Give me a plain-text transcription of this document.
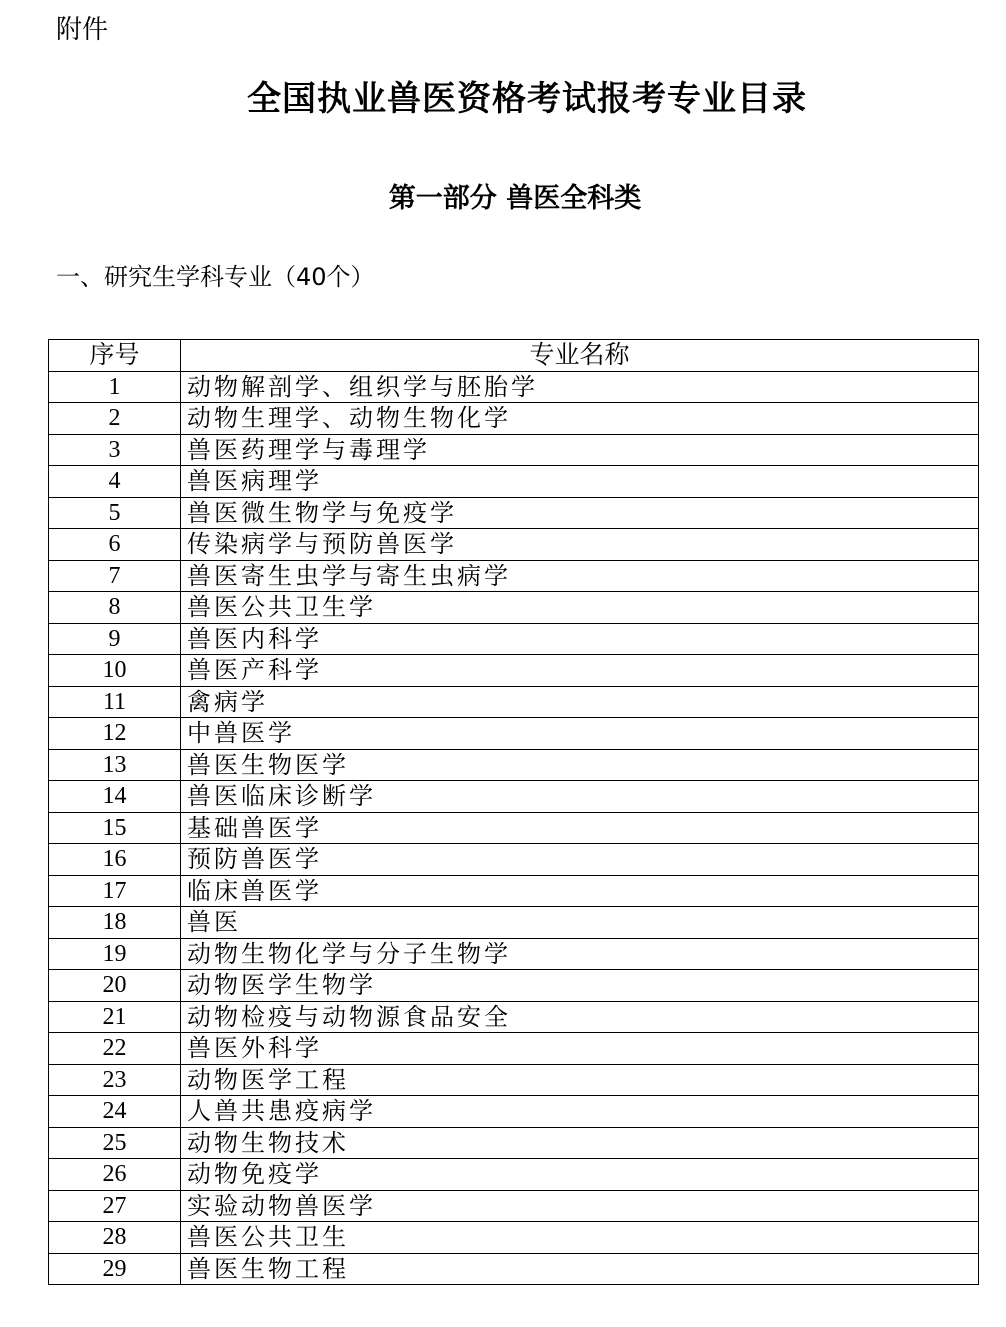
附件
全国执业兽医资格考试报考专业目录
第一部分 兽医全科类
一、研究生学科专业（40个）
序号	专业名称
1	动物解剖学、组织学与胚胎学
2	动物生理学、动物生物化学
3	兽医药理学与毒理学
4	兽医病理学
5	兽医微生物学与免疫学
6	传染病学与预防兽医学
7	兽医寄生虫学与寄生虫病学
8	兽医公共卫生学
9	兽医内科学
10	兽医产科学
11	禽病学
12	中兽医学
13	兽医生物医学
14	兽医临床诊断学
15	基础兽医学
16	预防兽医学
17	临床兽医学
18	兽医
19	动物生物化学与分子生物学
20	动物医学生物学
21	动物检疫与动物源食品安全
22	兽医外科学
23	动物医学工程
24	人兽共患疫病学
25	动物生物技术
26	动物免疫学
27	实验动物兽医学
28	兽医公共卫生
29	兽医生物工程
